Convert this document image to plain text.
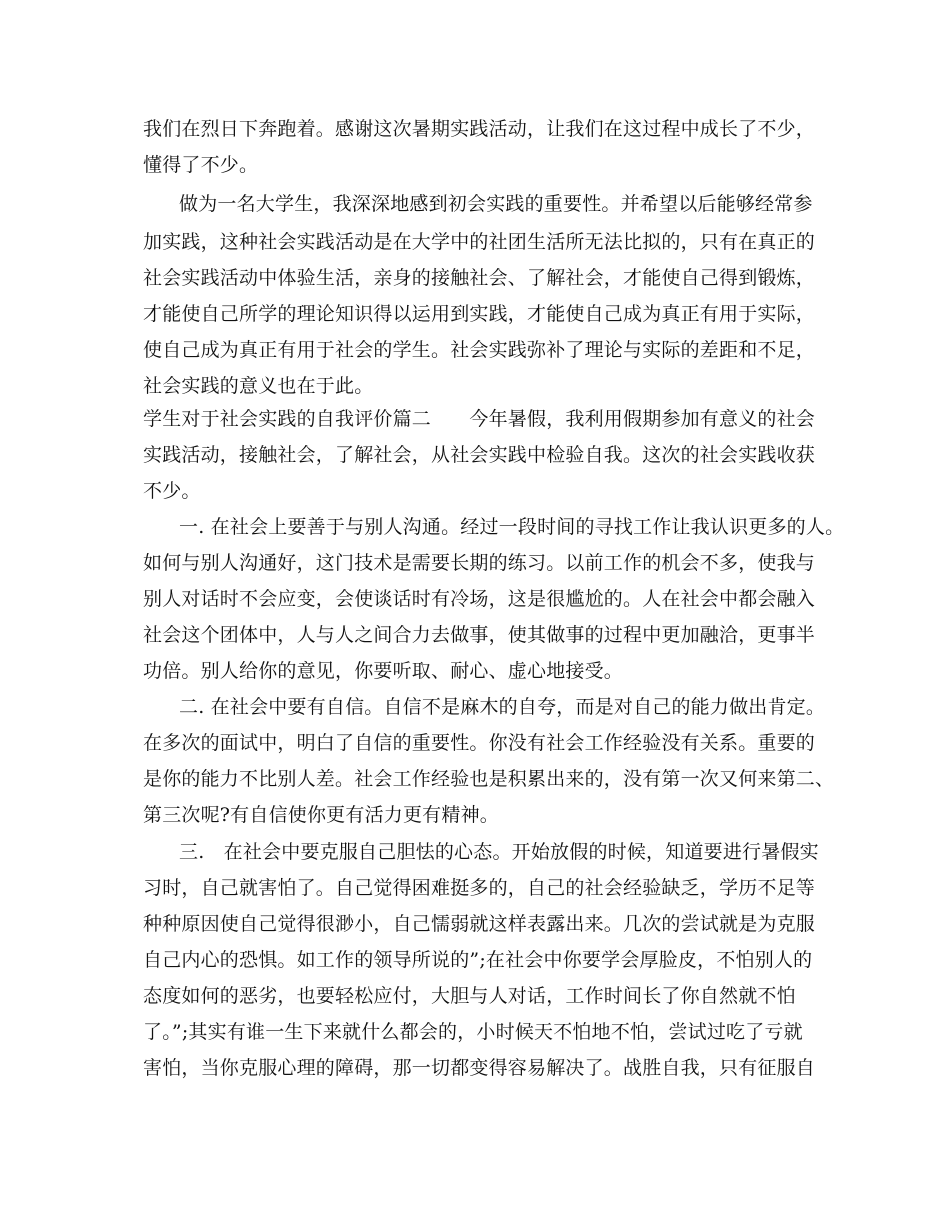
我们在烈日下奔跑着。感谢这次暑期实践活动，让我们在这过程中成长了不少，
懂得了不少。
做为一名大学生，我深深地感到初会实践的重要性。并希望以后能够经常参
加实践，这种社会实践活动是在大学中的社团生活所无法比拟的，只有在真正的
社会实践活动中体验生活，亲身的接触社会、了解社会，才能使自己得到锻炼，
才能使自己所学的理论知识得以运用到实践，才能使自己成为真正有用于实际，
使自己成为真正有用于社会的学生。社会实践弥补了理论与实际的差距和不足，
社会实践的意义也在于此。
学生对于社会实践的自我评价篇二　　今年暑假，我利用假期参加有意义的社会
实践活动，接触社会，了解社会，从社会实践中检验自我。这次的社会实践收获
不少。
一. 在社会上要善于与别人沟通。经过一段时间的寻找工作让我认识更多的人。
如何与别人沟通好，这门技术是需要长期的练习。以前工作的机会不多，使我与
别人对话时不会应变，会使谈话时有冷场，这是很尴尬的。人在社会中都会融入
社会这个团体中，人与人之间合力去做事，使其做事的过程中更加融洽，更事半
功倍。别人给你的意见，你要听取、耐心、虚心地接受。
二. 在社会中要有自信。自信不是麻木的自夸，而是对自己的能力做出肯定。
在多次的面试中，明白了自信的重要性。你没有社会工作经验没有关系。重要的
是你的能力不比别人差。社会工作经验也是积累出来的，没有第一次又何来第二、
第三次呢?有自信使你更有活力更有精神。
三.　在社会中要克服自己胆怯的心态。开始放假的时候，知道要进行暑假实
习时，自己就害怕了。自己觉得困难挺多的，自己的社会经验缺乏，学历不足等
种种原因使自己觉得很渺小，自己懦弱就这样表露出来。几次的尝试就是为克服
自己内心的恐惧。如工作的领导所说的”;在社会中你要学会厚脸皮，不怕别人的
态度如何的恶劣，也要轻松应付，大胆与人对话，工作时间长了你自然就不怕
了。”;其实有谁一生下来就什么都会的，小时候天不怕地不怕，尝试过吃了亏就
害怕，当你克服心理的障碍，那一切都变得容易解决了。战胜自我，只有征服自
